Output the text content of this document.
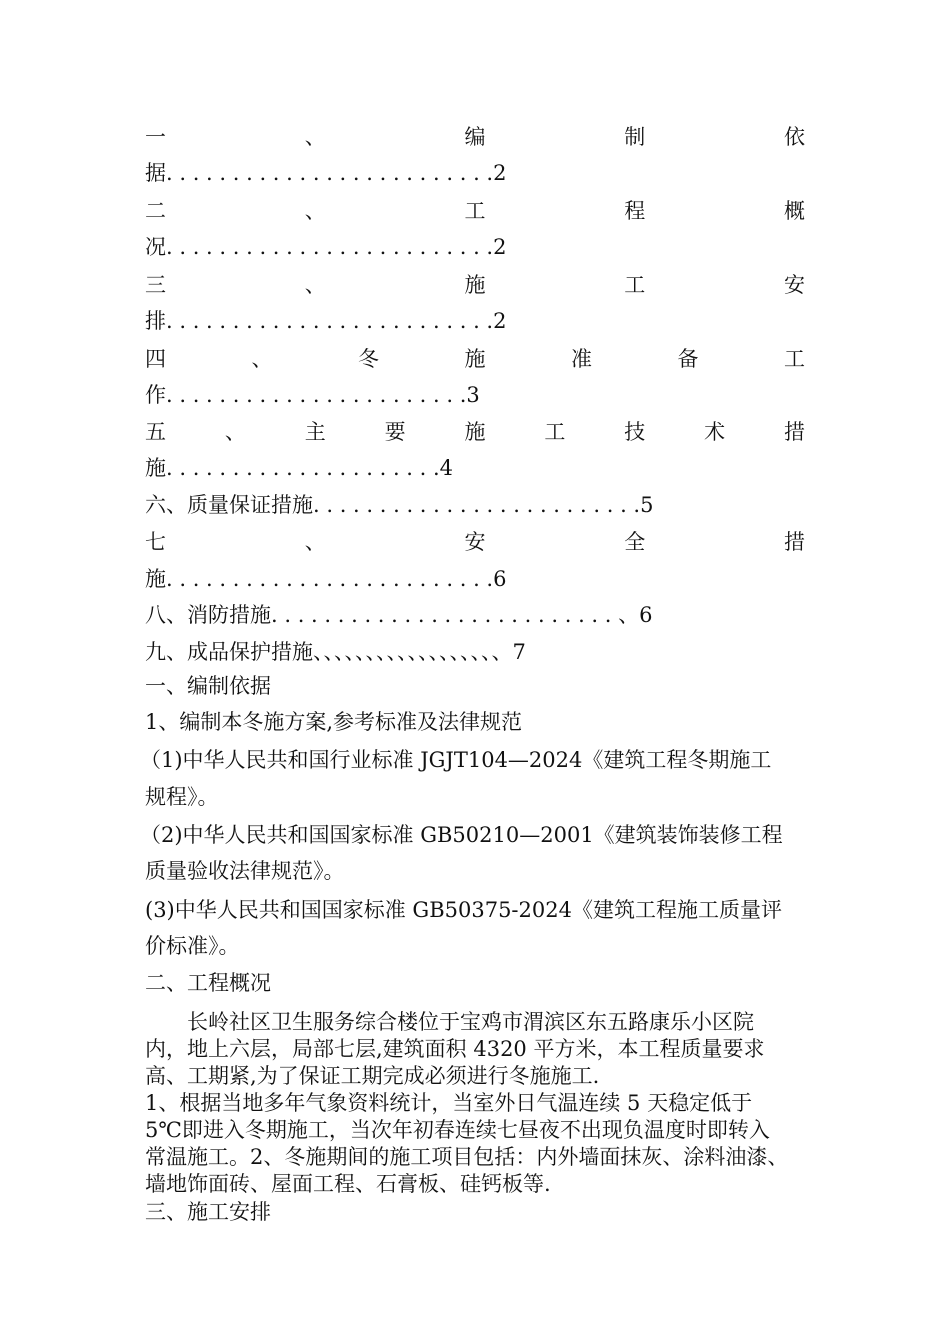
一	、	编	制	依
据. . . . . . . . . . . . . . . . . . . . . . . . .2
二	、	工	程	概
况. . . . . . . . . . . . . . . . . . . . . . . . .2
三	、	施	工	安
排. . . . . . . . . . . . . . . . . . . . . . . . .2
四	、	冬	施	准	备	工
作. . . . . . . . . . . . . . . . . . . . . . .3
五	、	主	要	施	工	技	术	措
施. . . . . . . . . . . . . . . . . . . . .4
六、质量保证措施. . . . . . . . . . . . . . . . . . . . . . . . .5
七	、	安	全	措
施. . . . . . . . . . . . . . . . . . . . . . . . .6
八、消防措施. . . . . . . . . . . . . . . . . . . . . . . . . . 、6
九、成品保护措施、、、、、、、、、、、、、、、、、、7
一、编制依据
1、编制本冬施方案,参考标准及法律规范
（1)中华人民共和国行业标准 JGJT104—2024《建筑工程冬期施工
规程》。
（2)中华人民共和国国家标准 GB50210—2001《建筑装饰装修工程
质量验收法律规范》。
(3)中华人民共和国国家标准 GB50375-2024《建筑工程施工质量评
价标准》。
二、工程概况
　　长岭社区卫生服务综合楼位于宝鸡市渭滨区东五路康乐小区院
内，地上六层，局部七层,建筑面积 4320 平方米，本工程质量要求
高、工期紧,为了保证工期完成必须进行冬施施工.
1、根据当地多年气象资料统计，当室外日气温连续 5 天稳定低于
5℃即进入冬期施工，当次年初春连续七昼夜不出现负温度时即转入
常温施工。2、冬施期间的施工项目包括：内外墙面抹灰、涂料油漆、
墙地饰面砖、屋面工程、石膏板、硅钙板等.
三、施工安排
